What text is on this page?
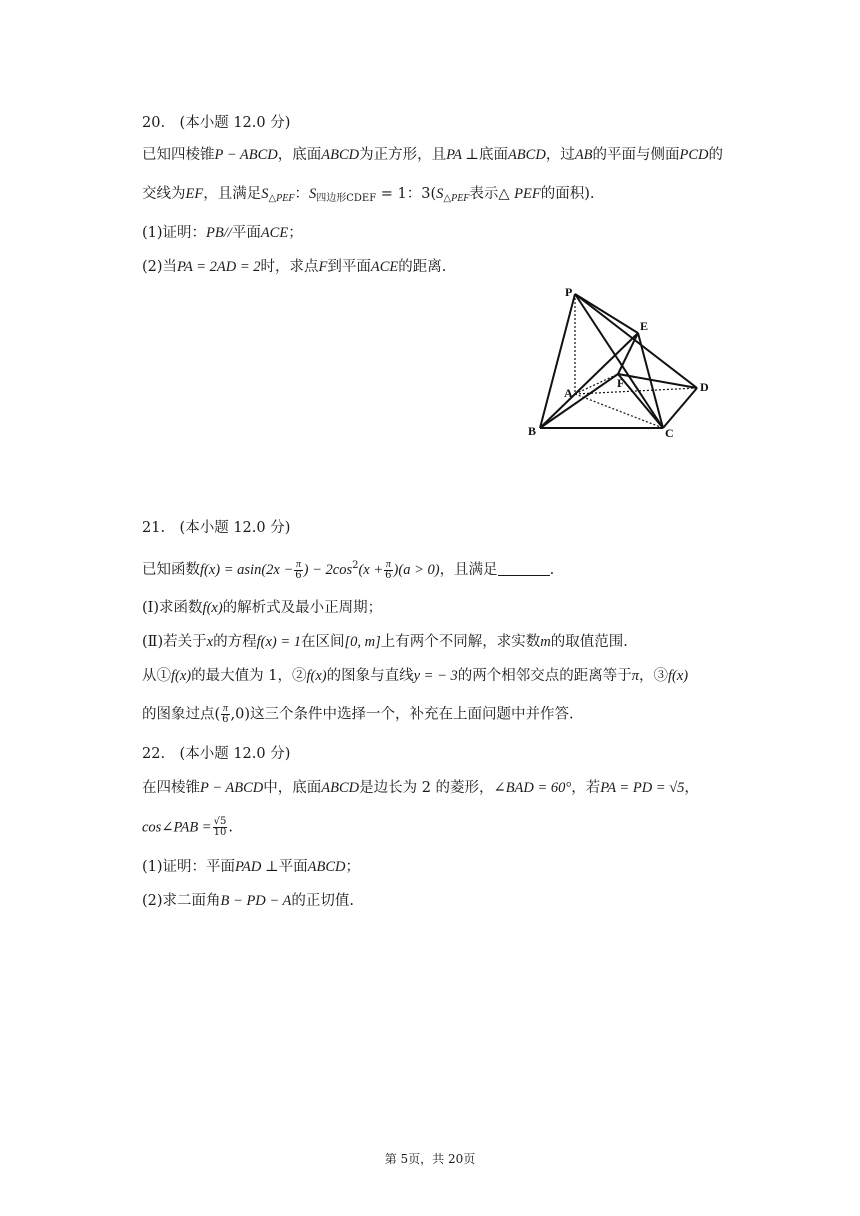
20.　(本小题 12.0 分)
已知四棱锥P − ABCD，底面ABCD为正方形，且PA ⊥底面ABCD，过AB的平面与侧面PCD的
交线为EF，且满足$S_{\triangle PEF}$：$S_{四边形CDEF} = 1$：$3(S_{\triangle PEF}$表示△ PEF的面积).
(1)证明：PB//平面ACE；
(2)当PA = 2AD = 2时，求点F到平面ACE的距离.
P
E
A
F	D
B	C
21.　(本小题 12.0 分)
已知函数$f(x) = asin(2x - \frac{\pi}{6}$ ) − $2\cos^2(x + \frac{\pi}{6} )(a > 0)$，且满足	.
(Ⅰ)求函数f(x)的解析式及最小正周期；
(Ⅱ)若关于x的方程f(x) = 1在区间[0, m]上有两个不同解，求实数m的取值范围.
从①f(x)的最大值为 1，②f(x)的图象与直线y = − 3的两个相邻交点的距离等于π，③f(x)
的图象过点( $\frac{\pi}{6} ,0$)这三个条件中选择一个，补充在上面问题中并作答.
22.　(本小题 12.0 分)
在四棱锥P − ABCD中，底面ABCD是边长为 2 的菱形，∠BAD = 60°，若PA = PD = √5，
cos∠PAB = $\frac{√5}{10}$ .
(1)证明：平面PAD ⊥平面ABCD；
(2)求二面角B − PD − A的正切值.
第 5页，共 20页
